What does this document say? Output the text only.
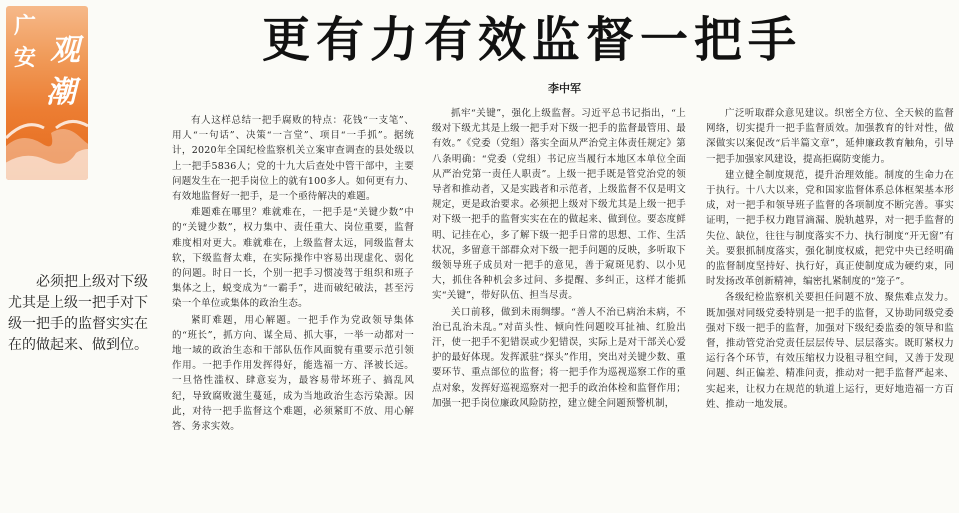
广
安 观
潮
更有力有效监督一把手
李中军
必须把上级对下级尤其是上级一把手对下级一把手的监督实实在在的做起来、做到位。

有人这样总结一把手腐败的特点：花钱“一支笔”、用人“一句话”、决策“一言堂”、项目“一手抓”。据统计，2020年全国纪检监察机关立案审查调查的县处级以上一把手5836人；党的十九大后查处中管干部中，主要问题发生在一把手岗位上的就有100多人。如何更有力、有效地监督好一把手，是一个亟待解决的难题。

难题难在哪里？难就难在，一把手是“关键少数”中的“关键少数”，权力集中、责任重大、岗位重要，监督难度相对更大。难就难在，上级监督太远，同级监督太软，下级监督太难，在实际操作中容易出现虚化、弱化的问题。时日一长，个别一把手习惯凌驾于组织和班子集体之上，蜕变成为“一霸手”，进而破纪破法，甚至污染一个单位或集体的政治生态。

紧盯难题，用心解题。一把手作为党政领导集体的“班长”，抓方向、谋全局、抓大事，一举一动都对一地一域的政治生态和干部队伍作风面貌有重要示范引领作用。一把手作用发挥得好，能选福一方、泽被长远。一旦恪性滥权、肆意妄为，最容易带坏班子、搞乱风纪，导致腐败滋生蔓延，成为当地政治生态污染源。因此，对待一把手监督这个难题，必须紧盯不放、用心解答、务求实效。

抓牢“关键”，强化上级监督。习近平总书记指出，“上级对下级尤其是上级一把手对下级一把手的监督最管用、最有效。”《党委（党组）落实全面从严治党主体责任规定》第八条明确：“党委（党组）书记应当履行本地区本单位全面从严治党第一责任人职责”。上级一把手既是管党治党的领导者和推动者，又是实践者和示范者，上级监督不仅是明文规定，更是政治要求。必须把上级对下级尤其是上级一把手对下级一把手的监督实实在在的做起来、做到位。要态度鲜明、记挂在心，多了解下级一把手日常的思想、工作、生活状况，多留意干部群众对下级一把手问题的反映，多听取下级领导班子成员对一把手的意见，善于窥斑见豹、以小见大，抓住各种机会多过问、多提醒、多纠正，这样才能抓实“关键”，带好队伍、担当尽责。

关口前移，做到未雨绸缪。“善人不治已病治未病，不治已乱治未乱。”对苗头性、倾向性问题咬耳扯袖、红脸出汗，使一把手不犯错误或少犯错误，实际上是对干部关心爱护的最好体现。发挥派驻“探头”作用，突出对关键少数、重要环节、重点部位的监督；将一把手作为巡视巡察工作的重点对象，发挥好巡视巡察对一把手的政治体检和监督作用；加强一把手岗位廉政风险防控，建立健全问题预警机制，

广泛听取群众意见建议。织密全方位、全天候的监督网络，切实提升一把手监督质效。加强教育的针对性，做深做实以案促改“后半篇文章”，延伸廉政教育触角，引导一把手加强家风建设，提高拒腐防变能力。

建立健全制度规范，提升治理效能。制度的生命力在于执行。十八大以来，党和国家监督体系总体框架基本形成，对一把手和领导班子监督的各项制度不断完善。事实证明，一把手权力跑冒滴漏、脱轨越界，对一把手监督的失位、缺位，往往与制度落实不力、执行制度“开无窗”有关。要狠抓制度落实，强化制度权威，把党中央已经明确的监督制度坚持好、执行好，真正使制度成为硬约束，同时发扬改革创新精神，编密扎紧制度的“笼子”。

各级纪检监察机关要担任问题不放、聚焦难点发力。既加强对同级党委特别是一把手的监督，又协助同级党委强对下级一把手的监督，加强对下级纪委监委的领导和监督，推动管党治党责任层层传导、层层落实。既盯紧权力运行各个环节，有效压缩权力设租寻租空间，又善于发现问题、纠正偏差、精准问责，推动对一把手监督严起来、实起来，让权力在规范的轨道上运行，更好地造福一方百姓、推动一地发展。
